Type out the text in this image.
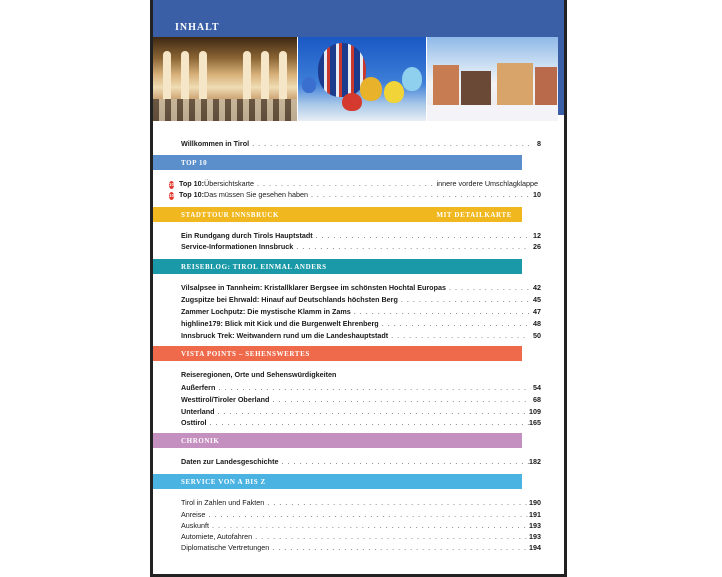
INHALT
Willkommen in Tirol . . .	8
TOP 10
10 Top 10: Übersichtskarte . . .	innere vordere Umschlagklappe
10 Top 10: Das müssen Sie gesehen haben . . .	10
STADTTOUR INNSBRUCK	MIT DETAILKARTE
Ein Rundgang durch Tirols Hauptstadt . . .	12
Service-Informationen Innsbruck . . .	26
REISEBLOG: TIROL EINMAL ANDERS
Vilsalpsee in Tannheim: Kristallklarer Bergsee im schönsten Hochtal Europas . . .	42
Zugspitze bei Ehrwald: Hinauf auf Deutschlands höchsten Berg . . .	45
Zammer Lochputz: Die mystische Klamm in Zams . . .	47
highline179: Blick mit Kick und die Burgenwelt Ehrenberg . . .	48
Innsbruck Trek: Weitwandern rund um die Landeshauptstadt . . .	50
VISTA POINTS – SEHENSWERTES
Reiseregionen, Orte und Sehenswürdigkeiten
Außerfern . . .	54
Westtirol/Tiroler Oberland . . .	68
Unterland . . .	109
Osttirol . . .	165
CHRONIK
Daten zur Landesgeschichte . . .	182
SERVICE VON A BIS Z
Tirol in Zahlen und Fakten . . .	190
Anreise . . .	191
Auskunft . . .	193
Automiete, Autofahren . . .	193
Diplomatische Vertretungen . . .	194
